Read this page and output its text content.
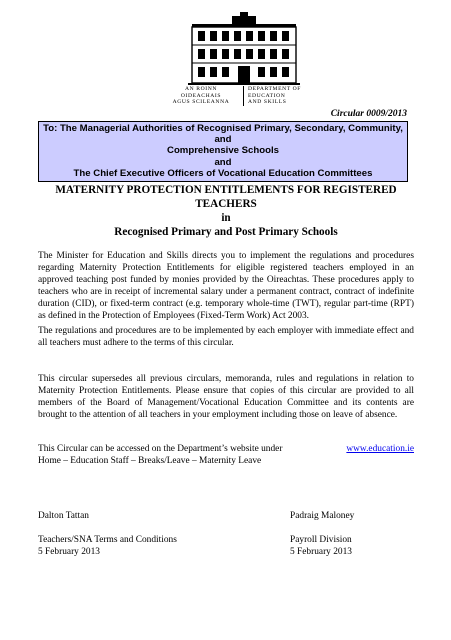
AN ROINN	DEPARTMENT OF
OIDEACHAIS	EDUCATION
AGUS SCILEANNA	AND SKILLS
Circular 0009/2013
To: The Managerial Authorities of Recognised Primary, Secondary, Community, and
Comprehensive Schools
and
The Chief Executive Officers of Vocational Education Committees
MATERNITY PROTECTION ENTITLEMENTS FOR REGISTERED
TEACHERS
in
Recognised Primary and Post Primary Schools
The Minister for Education and Skills directs you to implement the regulations and procedures regarding Maternity Protection Entitlements for eligible registered teachers employed in an approved teaching post funded by monies provided by the Oireachtas. These procedures apply to teachers who are in receipt of incremental salary under a permanent contract, contract of indefinite duration (CID), or fixed-term contract (e.g. temporary whole-time (TWT), regular part-time (RPT) as defined in the Protection of Employees (Fixed-Term Work) Act 2003.
The regulations and procedures are to be implemented by each employer with immediate effect and all teachers must adhere to the terms of this circular.
This circular supersedes all previous circulars, memoranda, rules and regulations in relation to Maternity Protection Entitlements. Please ensure that copies of this circular are provided to all members of the Board of Management/Vocational Education Committee and its contents are brought to the attention of all teachers in your employment including those on leave of absence.
This Circular can be accessed on the Department’s website under	www.education.ie
Home – Education Staff – Breaks/Leave – Maternity Leave
Dalton Tattan
Teachers/SNA Terms and Conditions
5 February 2013
Padraig Maloney
Payroll Division
5 February 2013
